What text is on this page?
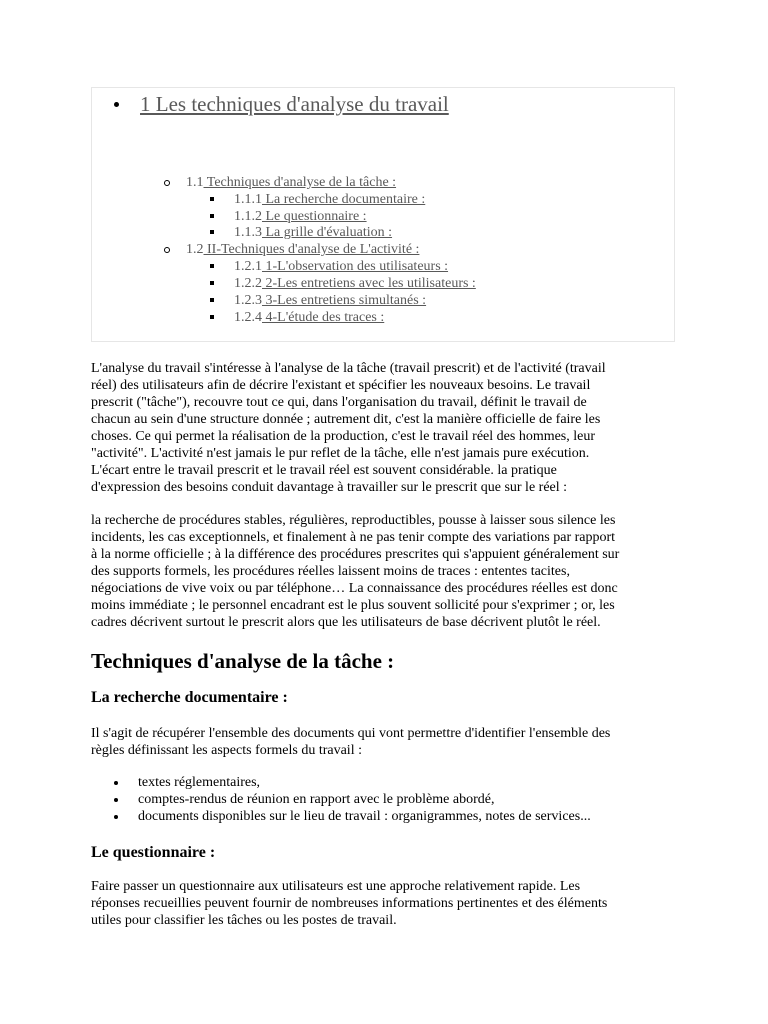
1 Les techniques d'analyse du travail
1.1 Techniques d'analyse de la tâche :
1.1.1 La recherche documentaire :
1.1.2 Le questionnaire :
1.1.3 La grille d'évaluation :
1.2 II-Techniques d'analyse de L'activité :
1.2.1 1-L'observation des utilisateurs :
1.2.2 2-Les entretiens avec les utilisateurs :
1.2.3 3-Les entretiens simultanés :
1.2.4 4-L'étude des traces :

L'analyse du travail s'intéresse à l'analyse de la tâche (travail prescrit) et de l'activité (travail
réel) des utilisateurs afin de décrire l'existant et spécifier les nouveaux besoins. Le travail
prescrit ("tâche"), recouvre tout ce qui, dans l'organisation du travail, définit le travail de
chacun au sein d'une structure donnée ; autrement dit, c'est la manière officielle de faire les
choses. Ce qui permet la réalisation de la production, c'est le travail réel des hommes, leur
"activité". L'activité n'est jamais le pur reflet de la tâche, elle n'est jamais pure exécution.
L'écart entre le travail prescrit et le travail réel est souvent considérable. la pratique
d'expression des besoins conduit davantage à travailler sur le prescrit que sur le réel :

la recherche de procédures stables, régulières, reproductibles, pousse à laisser sous silence les
incidents, les cas exceptionnels, et finalement à ne pas tenir compte des variations par rapport
à la norme officielle ; à la différence des procédures prescrites qui s'appuient généralement sur
des supports formels, les procédures réelles laissent moins de traces : ententes tacites,
négociations de vive voix ou par téléphone… La connaissance des procédures réelles est donc
moins immédiate ; le personnel encadrant est le plus souvent sollicité pour s'exprimer ; or, les
cadres décrivent surtout le prescrit alors que les utilisateurs de base décrivent plutôt le réel.

Techniques d'analyse de la tâche :
La recherche documentaire :

Il s'agit de récupérer l'ensemble des documents qui vont permettre d'identifier l'ensemble des
règles définissant les aspects formels du travail :

textes réglementaires,
comptes-rendus de réunion en rapport avec le problème abordé,
documents disponibles sur le lieu de travail : organigrammes, notes de services...
Le questionnaire :

Faire passer un questionnaire aux utilisateurs est une approche relativement rapide. Les
réponses recueillies peuvent fournir de nombreuses informations pertinentes et des éléments
utiles pour classifier les tâches ou les postes de travail.
